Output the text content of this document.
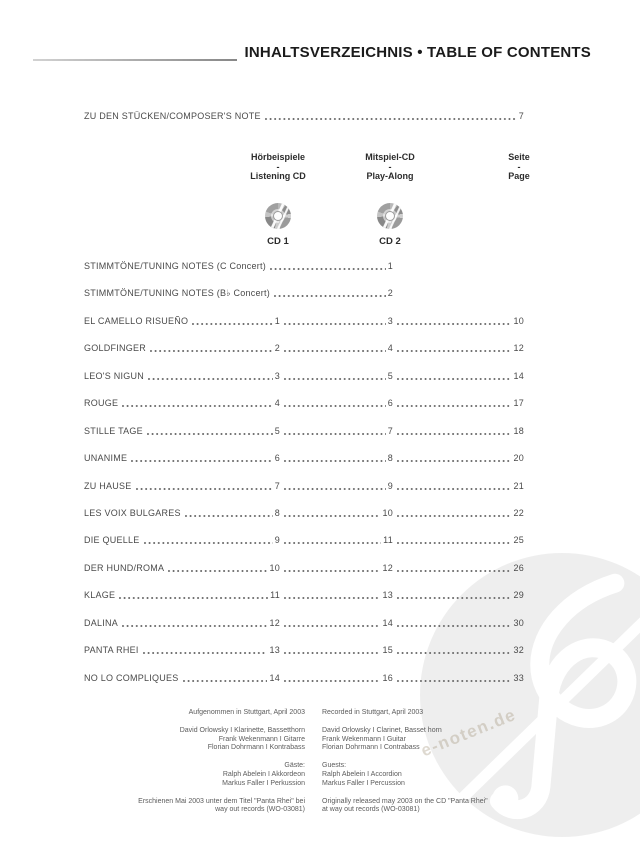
e-noten.de
INHALTSVERZEICHNIS • TABLE OF CONTENTS
ZU DEN STÜCKEN/COMPOSER'S NOTE	7
Hörbeispiele
-
Listening CD
Mitspiel-CD
-
Play-Along
Seite
-
Page
CD 1	CD 2
STIMMTÖNE/TUNING NOTES (C Concert)	1
STIMMTÖNE/TUNING NOTES (B♭ Concert)	2
EL CAMELLO RISUEÑO	1	3	10
GOLDFINGER	2	4	12
LEO'S NIGUN	3	5	14
ROUGE	4	6	17
STILLE TAGE	5	7	18
UNANIME	6	8	20
ZU HAUSE	7	9	21
LES VOIX BULGARES	8	10	22
DIE QUELLE	9	11	25
DER HUND/ROMA	10	12	26
KLAGE	11	13	29
DALINA	12	14	30
PANTA RHEI	13	15	32
NO LO COMPLIQUES	14	16	33
Aufgenommen in Stuttgart, April 2003
David Orlowsky I Klarinette, Bassetthorn
Frank Wekenmann I Gitarre
Florian Dohrmann I Kontrabass
Gäste:
Ralph Abelein I Akkordeon
Markus Faller I Perkussion
Erschienen Mai 2003 unter dem Titel "Panta Rhei" bei
way out records (WO-03081)
Recorded in Stuttgart, April 2003
David Orlowsky I Clarinet, Basset horn
Frank Wekenmann I Guitar
Florian Dohrmann I Contrabass
Guests:
Ralph Abelein I Accordion
Markus Faller I Percussion
Originally released may 2003 on the CD "Panta Rhei"
at way out records (WO-03081)
